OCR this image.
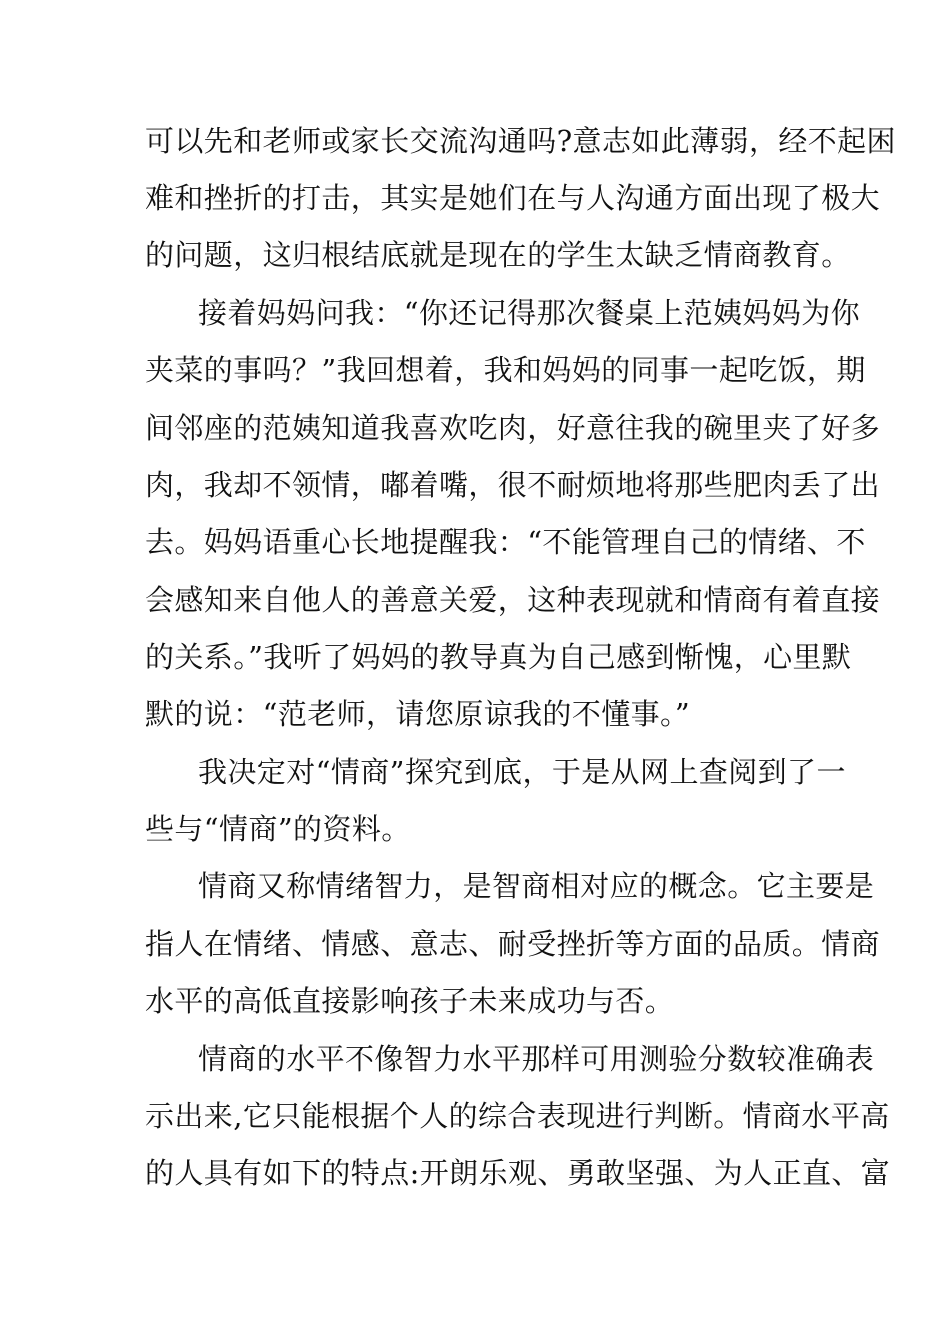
可以先和老师或家长交流沟通吗?意志如此薄弱，经不起困
难和挫折的打击，其实是她们在与人沟通方面出现了极大
的问题，这归根结底就是现在的学生太缺乏情商教育。
接着妈妈问我：“你还记得那次餐桌上范姨妈妈为你
夹菜的事吗？”我回想着，我和妈妈的同事一起吃饭，期
间邻座的范姨知道我喜欢吃肉，好意往我的碗里夹了好多
肉，我却不领情，嘟着嘴，很不耐烦地将那些肥肉丢了出
去。妈妈语重心长地提醒我：“不能管理自己的情绪、不
会感知来自他人的善意关爱，这种表现就和情商有着直接
的关系。”我听了妈妈的教导真为自己感到惭愧，心里默
默的说：“范老师，请您原谅我的不懂事。”
我决定对“情商”探究到底，于是从网上查阅到了一
些与“情商”的资料。
情商又称情绪智力，是智商相对应的概念。它主要是
指人在情绪、情感、意志、耐受挫折等方面的品质。情商
水平的高低直接影响孩子未来成功与否。
情商的水平不像智力水平那样可用测验分数较准确表
示出来,它只能根据个人的综合表现进行判断。情商水平高
的人具有如下的特点:开朗乐观、勇敢坚强、为人正直、富
